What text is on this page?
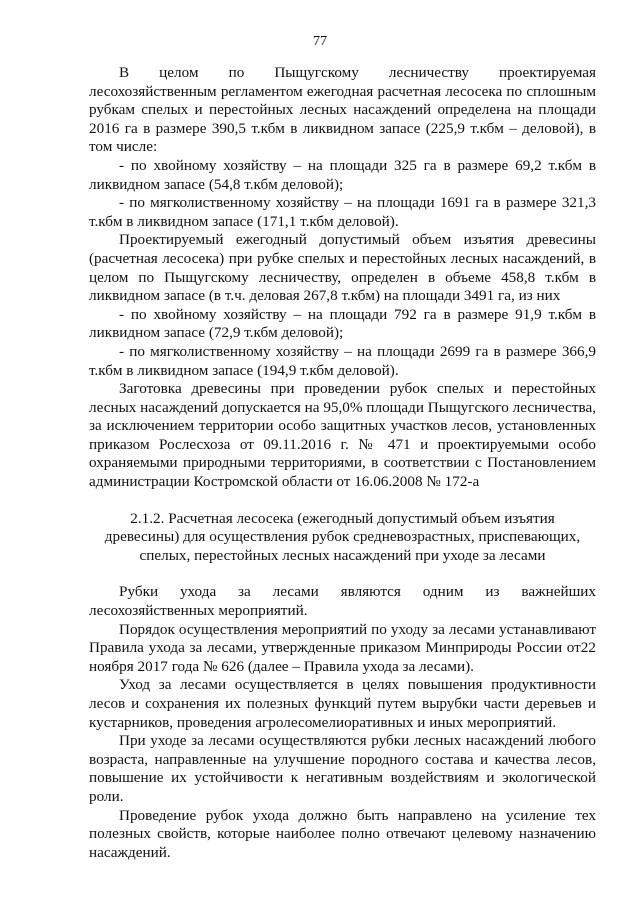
77

В целом по Пыщугскому лесничеству проектируемая лесохозяйственным регламентом ежегодная расчетная лесосека по сплошным рубкам спелых и перестойных лесных насаждений определена на площади 2016 га в размере 390,5 т.кбм в ликвидном запасе (225,9 т.кбм – деловой), в том числе:

- по хвойному хозяйству – на площади 325 га в размере 69,2 т.кбм в ликвидном запасе (54,8 т.кбм деловой);

- по мягколиственному хозяйству – на площади 1691 га в размере 321,3 т.кбм в ликвидном запасе (171,1 т.кбм деловой).

Проектируемый ежегодный допустимый объем изъятия древесины (расчетная лесосека) при рубке спелых и перестойных лесных насаждений, в целом по Пыщугскому лесничеству, определен в объеме 458,8 т.кбм в ликвидном запасе (в т.ч. деловая 267,8 т.кбм) на площади 3491 га, из них

- по хвойному хозяйству – на площади 792 га в размере 91,9 т.кбм в ликвидном запасе (72,9 т.кбм деловой);

- по мягколиственному хозяйству – на площади 2699 га в размере 366,9 т.кбм в ликвидном запасе (194,9 т.кбм деловой).

Заготовка древесины при проведении рубок спелых и перестойных лесных насаждений допускается на 95,0% площади Пыщугского лесничества, за исключением территории особо защитных участков лесов, установленных приказом Рослесхоза от 09.11.2016 г. № 471 и проектируемыми особо охраняемыми природными территориями, в соответствии с Постановлением администрации Костромской области от 16.06.2008 № 172-а

2.1.2. Расчетная лесосека (ежегодный допустимый объем изъятия древесины) для осуществления рубок средневозрастных, приспевающих, спелых, перестойных лесных насаждений при уходе за лесами

Рубки ухода за лесами являются одним из важнейших лесохозяйственных мероприятий.

Порядок осуществления мероприятий по уходу за лесами устанавливают Правила ухода за лесами, утвержденные приказом Минприроды России от22 ноября 2017 года № 626 (далее – Правила ухода за лесами).

Уход за лесами осуществляется в целях повышения продуктивности лесов и сохранения их полезных функций путем вырубки части деревьев и кустарников, проведения агролесомелиоративных и иных мероприятий.

При уходе за лесами осуществляются рубки лесных насаждений любого возраста, направленные на улучшение породного состава и качества лесов, повышение их устойчивости к негативным воздействиям и экологической роли.

Проведение рубок ухода должно быть направлено на усиление тех полезных свойств, которые наиболее полно отвечают целевому назначению насаждений.
